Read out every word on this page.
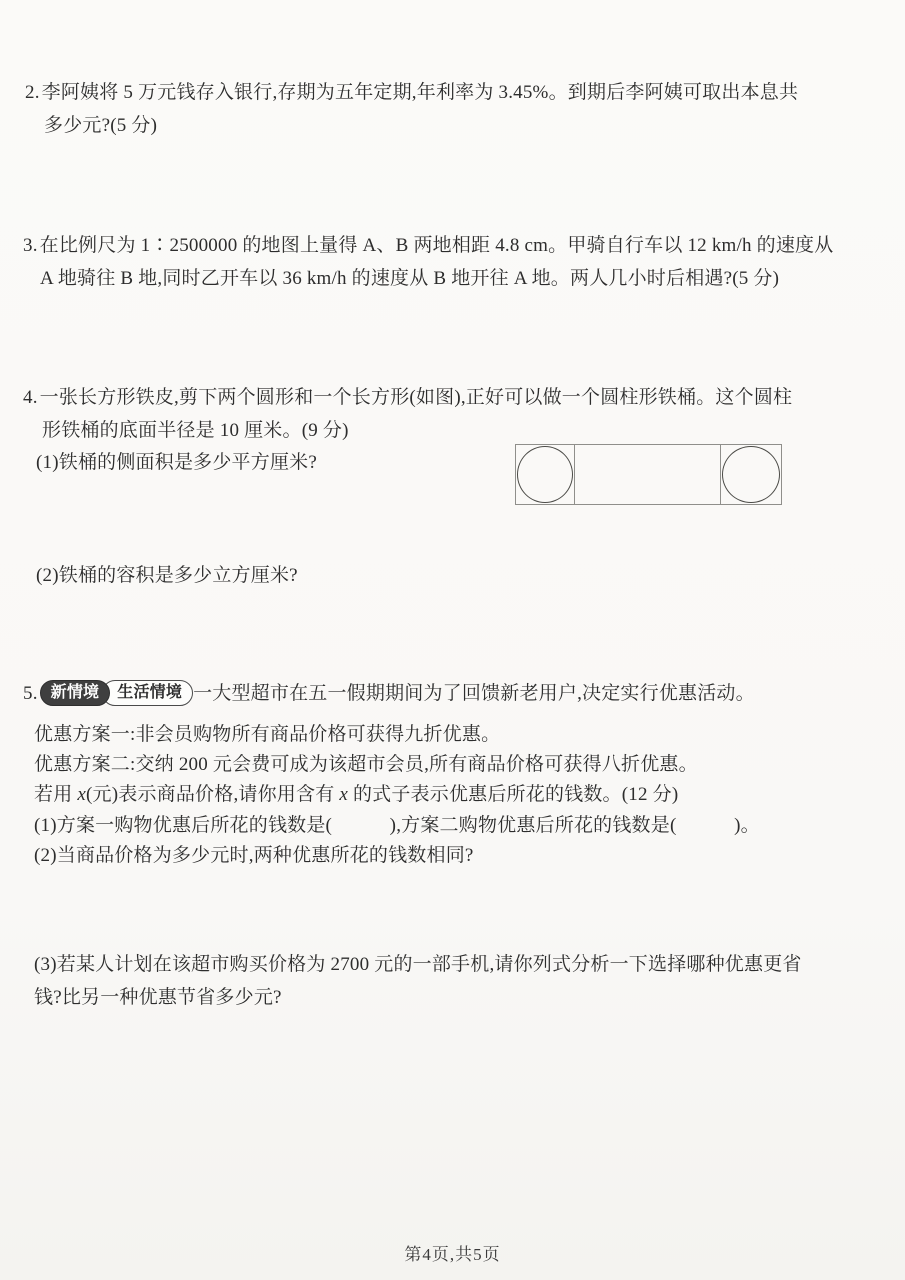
2. 李阿姨将 5 万元钱存入银行,存期为五年定期,年利率为 3.45%。到期后李阿姨可取出本息共
多少元?(5 分)
3. 在比例尺为 1∶2500000 的地图上量得 A、B 两地相距 4.8 cm。甲骑自行车以 12 km/h 的速度从
A 地骑往 B 地,同时乙开车以 36 km/h 的速度从 B 地开往 A 地。两人几小时后相遇?(5 分)
4. 一张长方形铁皮,剪下两个圆形和一个长方形(如图),正好可以做一个圆柱形铁桶。这个圆柱
形铁桶的底面半径是 10 厘米。(9 分)
(1)铁桶的侧面积是多少平方厘米?
(2)铁桶的容积是多少立方厘米?
5. 新情境 生活情境 一大型超市在五一假期期间为了回馈新老用户,决定实行优惠活动。
优惠方案一:非会员购物所有商品价格可获得九折优惠。
优惠方案二:交纳 200 元会费可成为该超市会员,所有商品价格可获得八折优惠。
若用 x(元)表示商品价格,请你用含有 x 的式子表示优惠后所花的钱数。(12 分)
(1)方案一购物优惠后所花的钱数是(　　　),方案二购物优惠后所花的钱数是(　　　)。
(2)当商品价格为多少元时,两种优惠所花的钱数相同?
(3)若某人计划在该超市购买价格为 2700 元的一部手机,请你列式分析一下选择哪种优惠更省
钱?比另一种优惠节省多少元?
第4页,共5页
